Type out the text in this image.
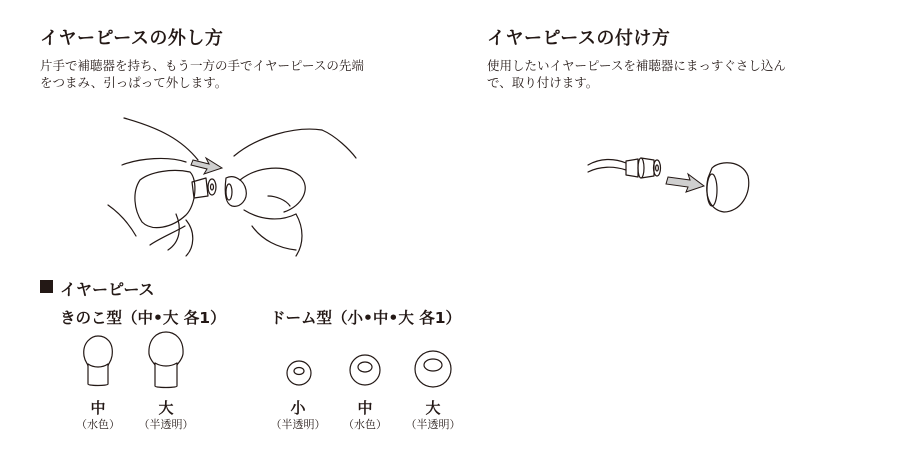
イヤーピースの外し方
片手で補聴器を持ち、もう一方の手でイヤーピースの先端
をつまみ、引っぱって外します。
イヤーピースの付け方
使用したいイヤーピースを補聴器にまっすぐさし込ん
で、取り付けます。
イヤーピース
きのこ型（中•大 各1）	ドーム型（小•中•大 各1）
中
（水色）
大
（半透明）
小
（半透明）
中
（水色）
大
（半透明）
